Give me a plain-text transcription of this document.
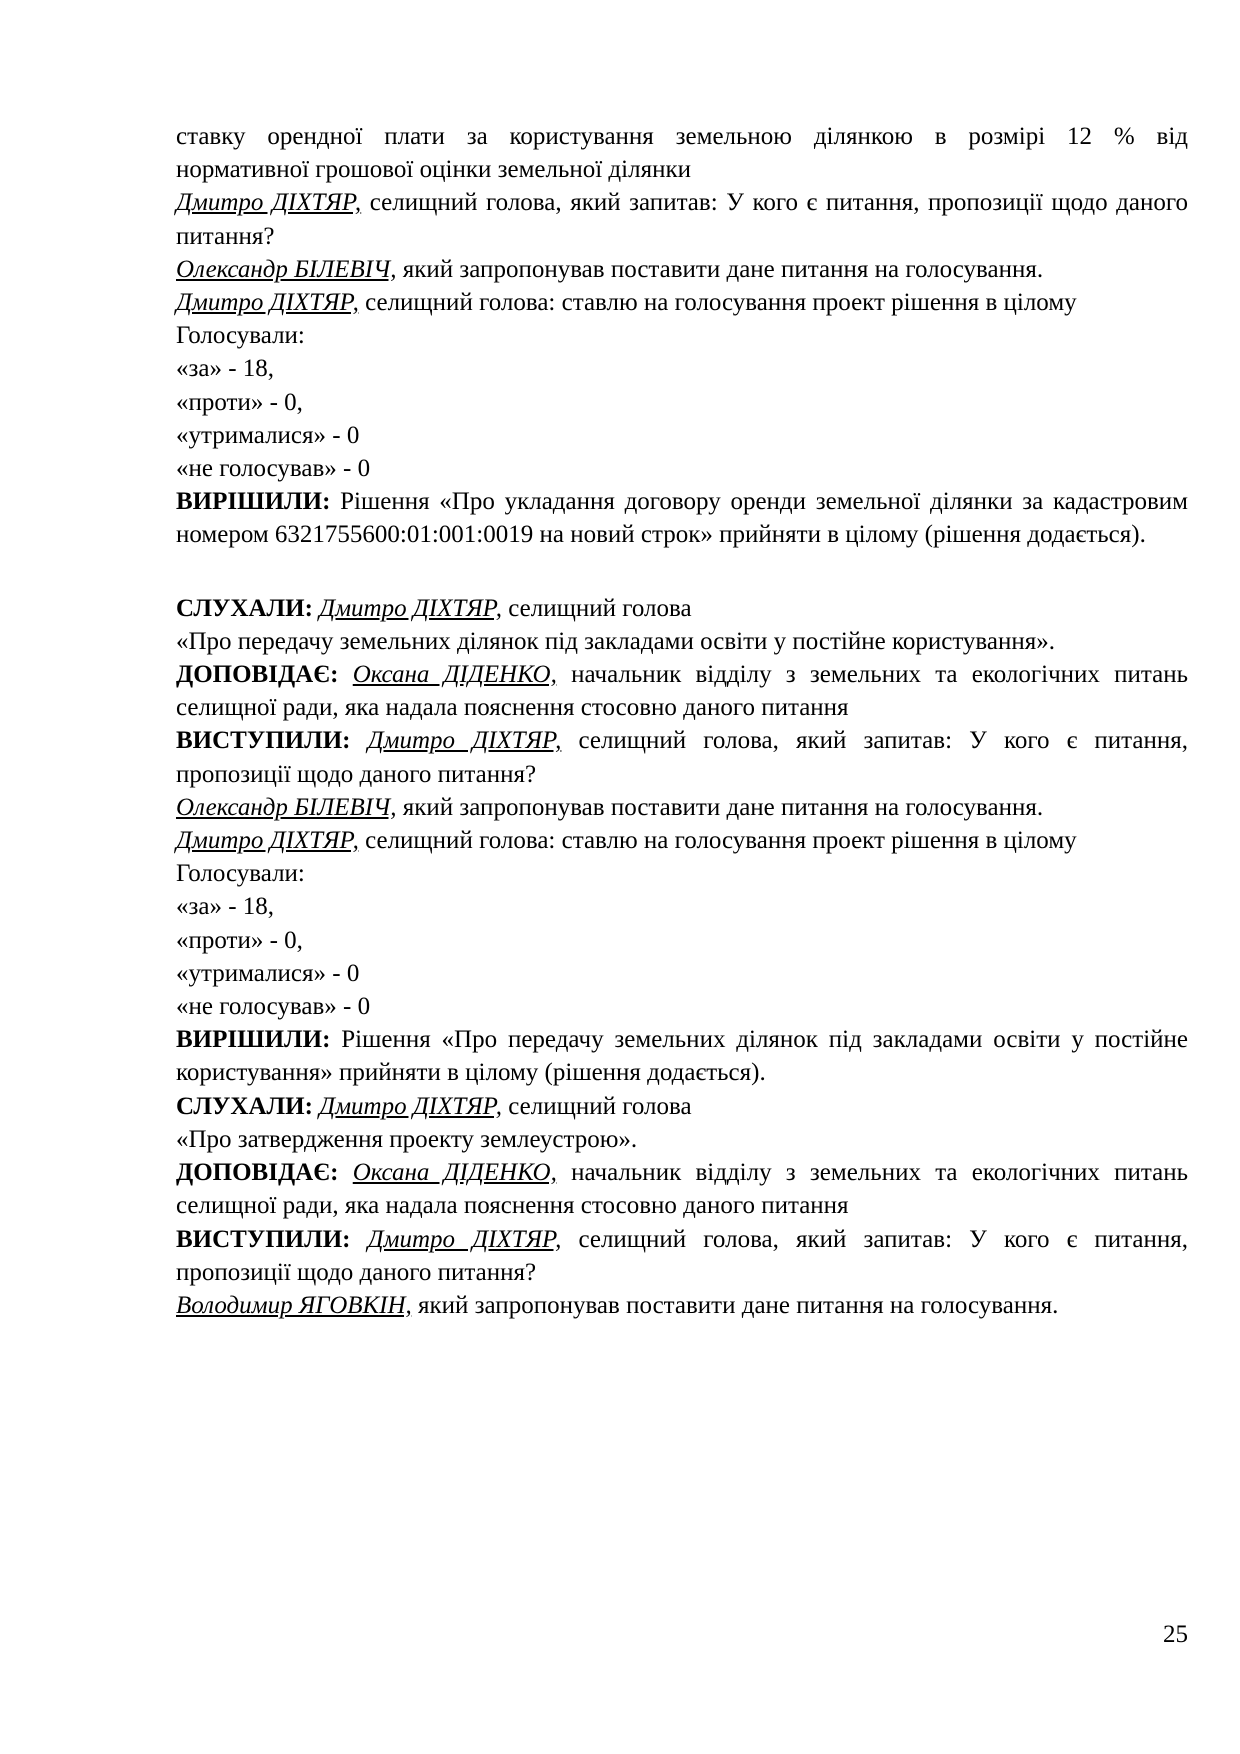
ставку орендної плати за користування земельною ділянкою в розмірі 12 % від

нормативної грошової оцінки земельної ділянки

Дмитро ДІХТЯР, селищний голова, який запитав: У кого є питання, пропозиції щодо даного питання?

Олександр БІЛЕВІЧ, який запропонував поставити дане питання на голосування.

Дмитро ДІХТЯР, селищний голова: ставлю на голосування проект рішення в цілому

Голосували:

«за» - 18,

«проти» - 0,

«утрималися» - 0

«не голосував» - 0

ВИРІШИЛИ: Рішення «Про укладання договору оренди земельної ділянки за кадастровим номером 6321755600:01:001:0019 на новий строк» прийняти в цілому (рішення додається).

СЛУХАЛИ: Дмитро ДІХТЯР, селищний голова

«Про передачу земельних ділянок під закладами освіти у постійне користування».

ДОПОВІДАЄ: Оксана ДІДЕНКО, начальник відділу з земельних та екологічних питань селищної ради, яка надала пояснення стосовно даного питання

ВИСТУПИЛИ: Дмитро ДІХТЯР, селищний голова, який запитав: У кого є питання, пропозиції щодо даного питання?

Олександр БІЛЕВІЧ, який запропонував поставити дане питання на голосування.

Дмитро ДІХТЯР, селищний голова: ставлю на голосування проект рішення в цілому

Голосували:

«за» - 18,

«проти» - 0,

«утрималися» - 0

«не голосував» - 0

ВИРІШИЛИ: Рішення «Про передачу земельних ділянок під закладами освіти у постійне користування» прийняти в цілому (рішення додається).

СЛУХАЛИ: Дмитро ДІХТЯР, селищний голова

«Про затвердження проекту землеустрою».

ДОПОВІДАЄ: Оксана ДІДЕНКО, начальник відділу з земельних та екологічних питань селищної ради, яка надала пояснення стосовно даного питання

ВИСТУПИЛИ: Дмитро ДІХТЯР, селищний голова, який запитав: У кого є питання, пропозиції щодо даного питання?

Володимир ЯГОВКІН, який запропонував поставити дане питання на голосування.

25
